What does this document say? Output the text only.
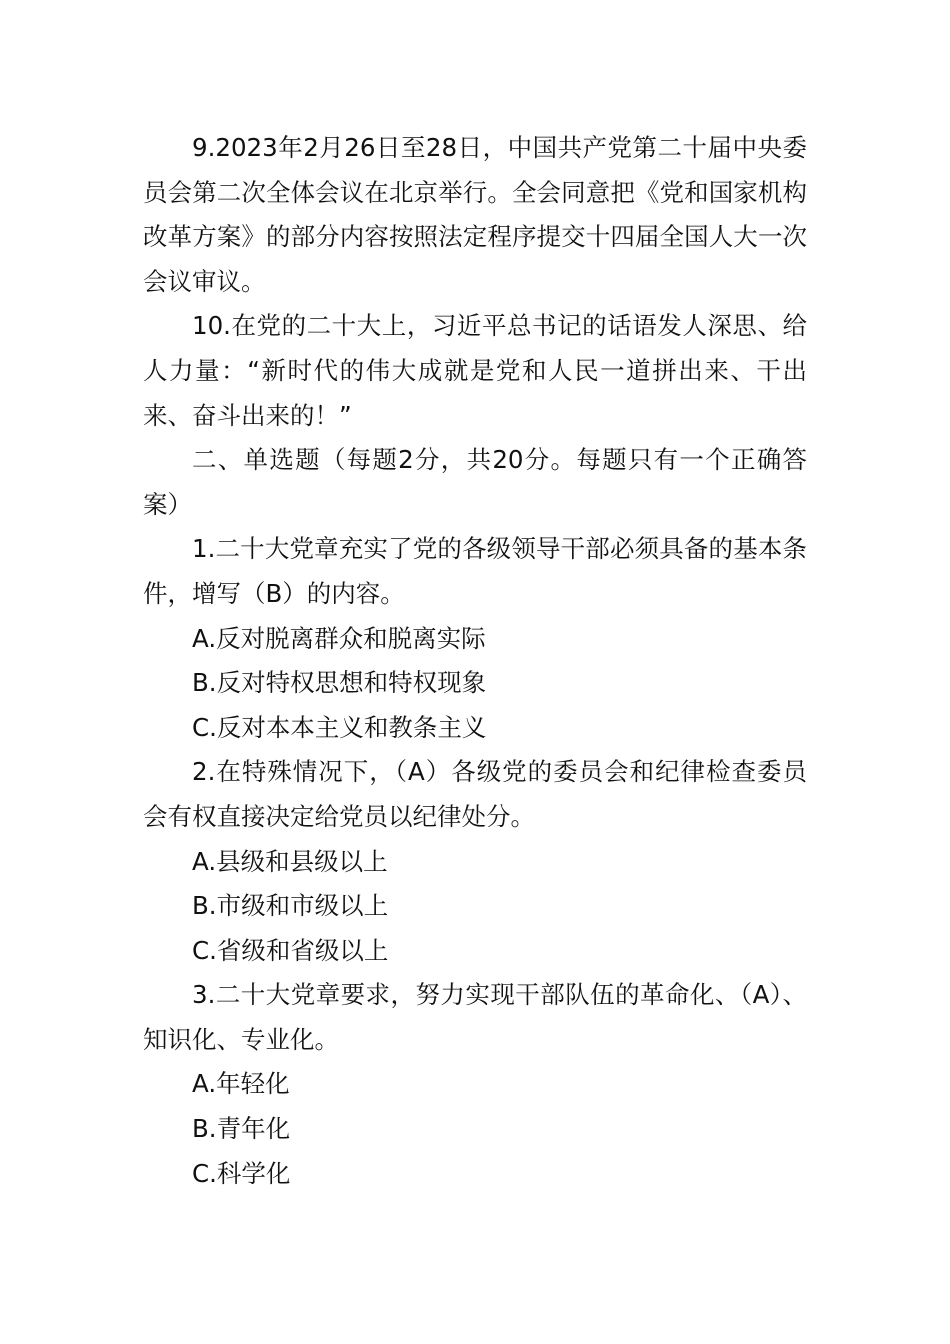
9.2023年2月26日至28日，中国共产党第二十届中央委员会第二次全体会议在北京举行。全会同意把《党和国家机构改革方案》的部分内容按照法定程序提交十四届全国人大一次会议审议。

10.在党的二十大上，习近平总书记的话语发人深思、给人力量：“新时代的伟大成就是党和人民一道拼出来、干出来、奋斗出来的！”

二、单选题（每题2分，共20分。每题只有一个正确答案）

1.二十大党章充实了党的各级领导干部必须具备的基本条件，增写（B）的内容。

A.反对脱离群众和脱离实际

B.反对特权思想和特权现象

C.反对本本主义和教条主义

2.在特殊情况下，（A）各级党的委员会和纪律检查委员会有权直接决定给党员以纪律处分。

A.县级和县级以上

B.市级和市级以上

C.省级和省级以上

3.二十大党章要求，努力实现干部队伍的革命化、（A）、知识化、专业化。

A.年轻化

B.青年化

C.科学化
